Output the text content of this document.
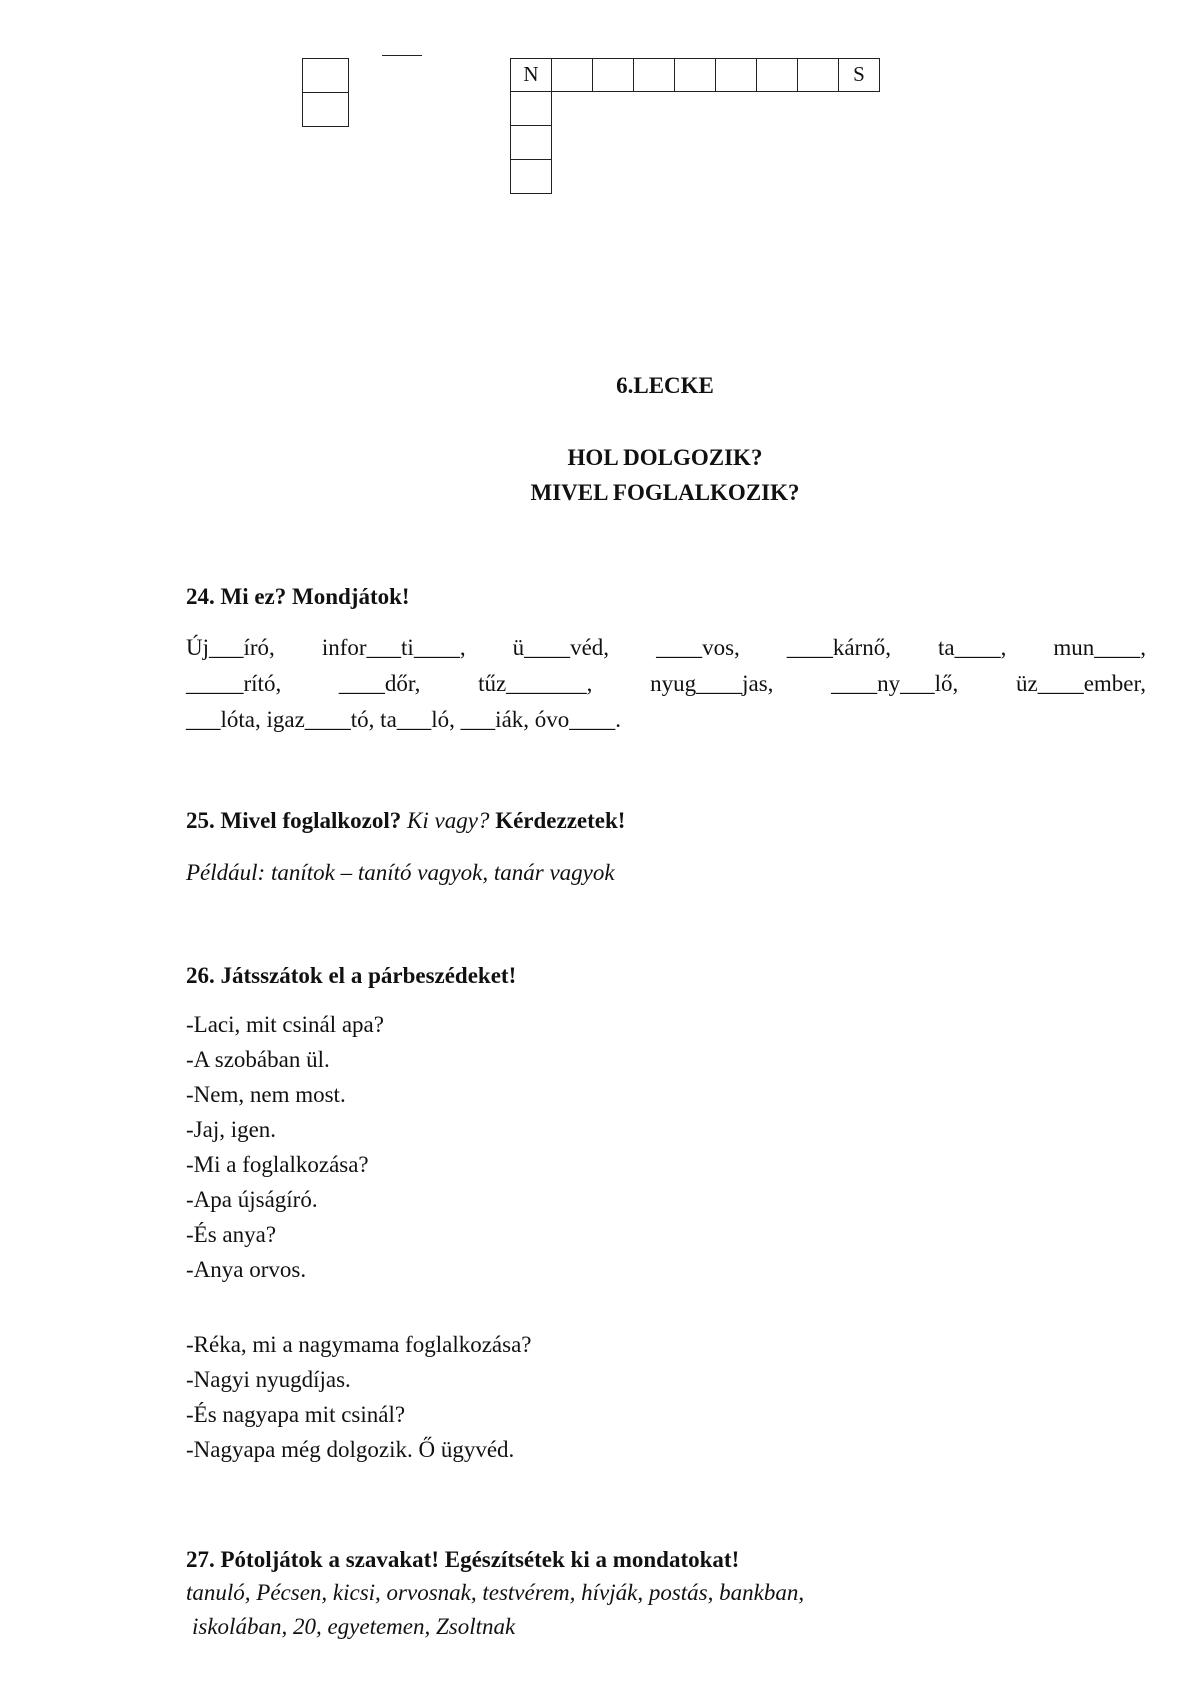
N	S
6.LECKE
HOL DOLGOZIK?
MIVEL FOGLALKOZIK?
24. Mi ez? Mondjátok!
Új___író, infor___ti____, ü____véd, ____vos, ____kárnő, ta____, mun____,
_____rító, ____dőr, tűz_______, nyug____jas, ____ny___lő, üz____ember,
___lóta, igaz____tó, ta___ló, ___iák, óvo____.
25. Mivel foglalkozol? Ki vagy? Kérdezzetek!
Például: tanítok – tanító vagyok, tanár vagyok
26. Játsszátok el a párbeszédeket!
-Laci, mit csinál apa?
-A szobában ül.
-Nem, nem most.
-Jaj, igen.
-Mi a foglalkozása?
-Apa újságíró.
-És anya?
-Anya orvos.
-Réka, mi a nagymama foglalkozása?
-Nagyi nyugdíjas.
-És nagyapa mit csinál?
-Nagyapa még dolgozik. Ő ügyvéd.
27. Pótoljátok a szavakat! Egészítsétek ki a mondatokat!
tanuló, Pécsen, kicsi, orvosnak, testvérem, hívják, postás, bankban,
iskolában, 20, egyetemen, Zsoltnak
